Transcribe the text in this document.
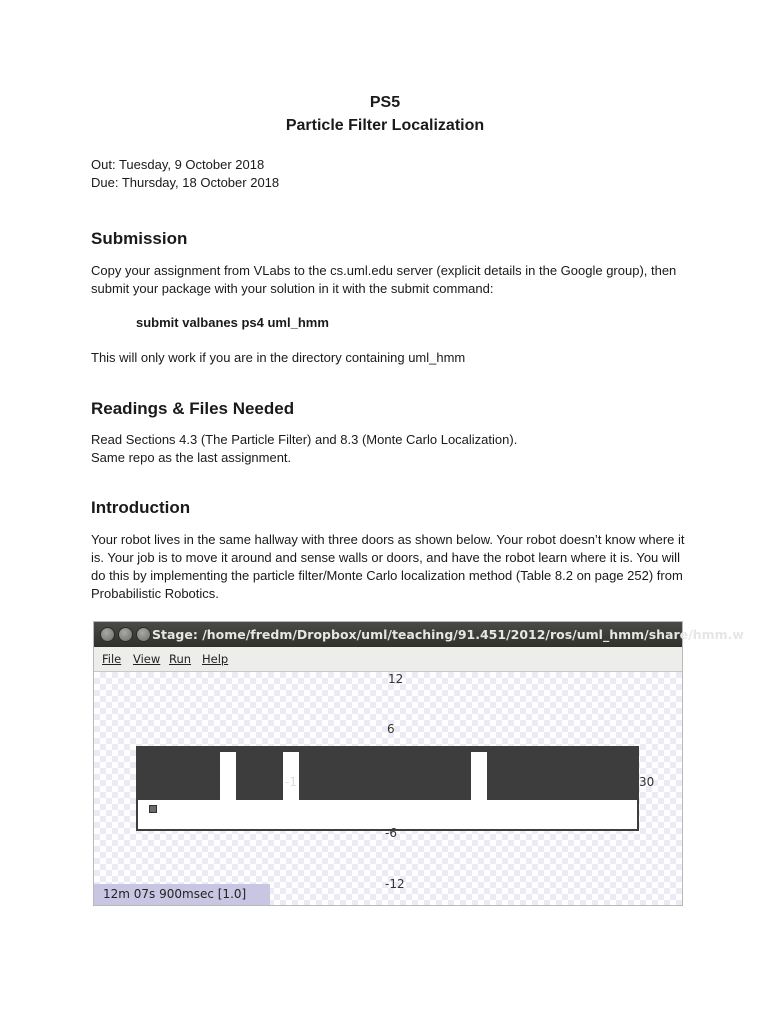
PS5
Particle Filter Localization
Out: Tuesday, 9 October 2018
Due: Thursday, 18 October 2018
Submission

Copy your assignment from VLabs to the cs.uml.edu server (explicit details in the Google group), then submit your package with your solution in it with the submit command:

submit valbanes ps4 uml_hmm
This will only work if you are in the directory containing uml_hmm
Readings & Files Needed
Read Sections 4.3 (The Particle Filter) and 8.3 (Monte Carlo Localization).
Same repo as the last assignment.
Introduction

Your robot lives in the same hallway with three doors as shown below. Your robot doesn’t know where it is. Your job is to move it around and sense walls or doors, and have the robot learn where it is. You will do this by implementing the particle filter/Monte Carlo localization method (Table 8.2 on page 252) from Probabilistic Robotics.

Stage: /home/fredm/Dropbox/uml/teaching/91.451/2012/ros/uml_hmm/share/hmm.w
File View Run Help
12
6
-1	30
-6
-12
12m 07s 900msec [1.0]
